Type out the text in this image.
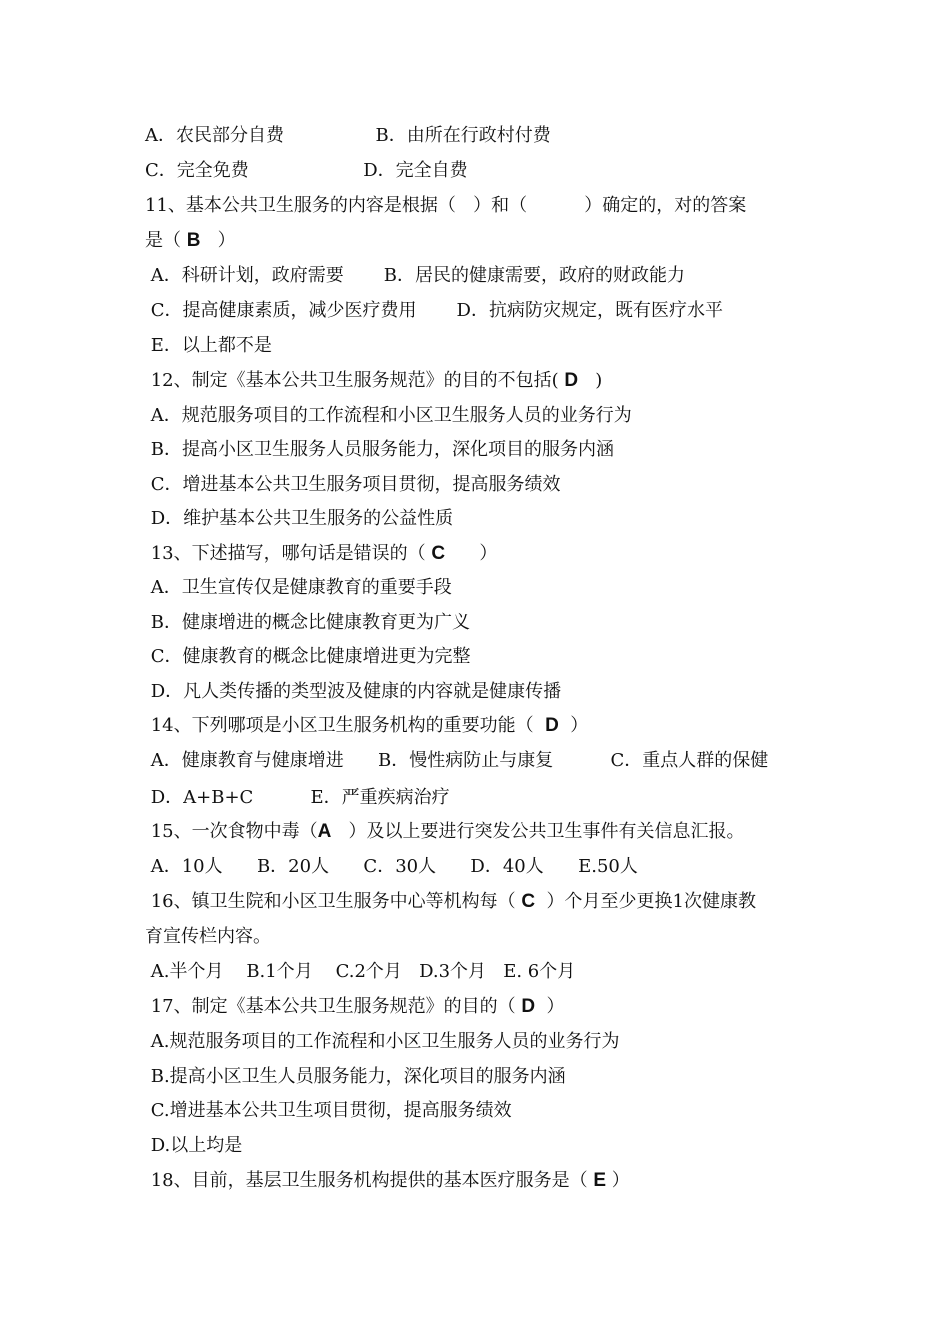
A．农民部分自费                B．由所在行政村付费
C．完全免费                    D．完全自费
11、基本公共卫生服务的内容是根据（   ）和（          ）确定的，对的答案
是（ B   ）
A．科研计划，政府需要       B．居民的健康需要，政府的财政能力
C．提高健康素质，减少医疗费用       D．抗病防灾规定，既有医疗水平
E．以上都不是
12、制定《基本公共卫生服务规范》的目的不包括( D   )
A．规范服务项目的工作流程和小区卫生服务人员的业务行为
B．提高小区卫生服务人员服务能力，深化项目的服务内涵
C．增进基本公共卫生服务项目贯彻，提高服务绩效
D．维护基本公共卫生服务的公益性质
13、下述描写，哪句话是错误的（ C      ）
A．卫生宣传仅是健康教育的重要手段
B．健康增进的概念比健康教育更为广义
C．健康教育的概念比健康增进更为完整
D．凡人类传播的类型波及健康的内容就是健康传播
14、下列哪项是小区卫生服务机构的重要功能（  D  ）
A．健康教育与健康增进      B．慢性病防止与康复          C．重点人群的保健
D．A+B+C          E．严重疾病治疗
15、一次食物中毒（A   ）及以上要进行突发公共卫生事件有关信息汇报。
A．10人      B．20人      C．30人      D．40人      E.50人
16、镇卫生院和小区卫生服务中心等机构每（ C  ）个月至少更换1次健康教
育宣传栏内容。
A.半个月    B.1个月    C.2个月   D.3个月   E. 6个月
17、制定《基本公共卫生服务规范》的目的（ D  ）
A.规范服务项目的工作流程和小区卫生服务人员的业务行为
B.提高小区卫生人员服务能力，深化项目的服务内涵
C.增进基本公共卫生项目贯彻，提高服务绩效
D.以上均是
18、目前，基层卫生服务机构提供的基本医疗服务是（ E ）
